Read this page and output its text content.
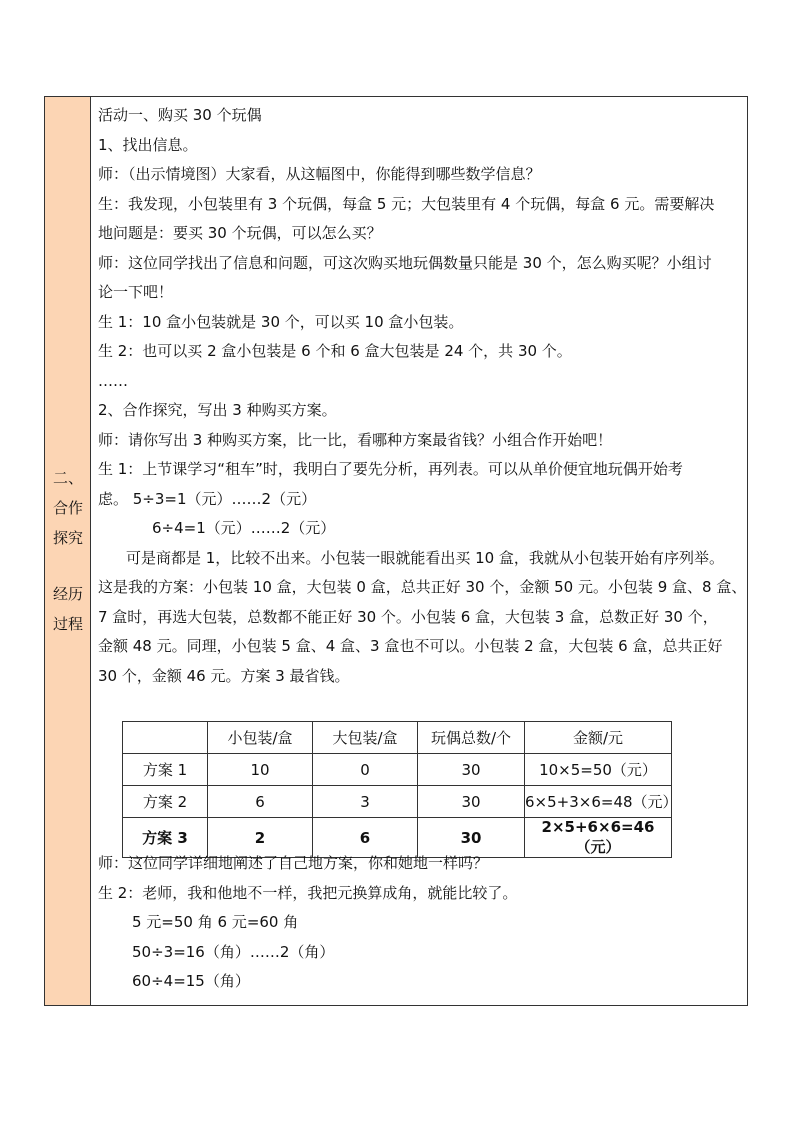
二、
合作
探究
经历
过程
活动一、购买 30 个玩偶
1、找出信息。
师：（出示情境图）大家看，从这幅图中，你能得到哪些数学信息？
生：我发现，小包装里有 3 个玩偶，每盒 5 元；大包装里有 4 个玩偶，每盒 6 元。需要解决
地问题是：要买 30 个玩偶，可以怎么买？
师：这位同学找出了信息和问题，可这次购买地玩偶数量只能是 30 个，怎么购买呢？小组讨
论一下吧！
生 1：10 盒小包装就是 30 个，可以买 10 盒小包装。
生 2：也可以买 2 盒小包装是 6 个和 6 盒大包装是 24 个，共 30 个。
……
2、合作探究，写出 3 种购买方案。
师：请你写出 3 种购买方案，比一比，看哪种方案最省钱？小组合作开始吧！
生 1：上节课学习“租车”时，我明白了要先分析，再列表。可以从单价便宜地玩偶开始考
虑。 5÷3=1（元）……2（元）
6÷4=1（元）……2（元）
可是商都是 1，比较不出来。小包装一眼就能看出买 10 盒，我就从小包装开始有序列举。
这是我的方案：小包装 10 盒，大包装 0 盒，总共正好 30 个，金额 50 元。小包装 9 盒、8 盒、
7 盒时，再选大包装，总数都不能正好 30 个。小包装 6 盒，大包装 3 盒，总数正好 30 个，
金额 48 元。同理，小包装 5 盒、4 盒、3 盒也不可以。小包装 2 盒，大包装 6 盒，总共正好
30 个，金额 46 元。方案 3 最省钱。
	小包装/盒	大包装/盒	玩偶总数/个	金额/元
方案 1	10	0	30	10×5=50（元）
方案 2	6	3	30	6×5+3×6=48（元）
方案 3	2	6	30	2×5+6×6=46（元）
师：这位同学详细地阐述了自己地方案，你和她地一样吗？
生 2：老师，我和他地不一样，我把元换算成角，就能比较了。
5 元=50 角 6 元=60 角
50÷3=16（角）……2（角）
60÷4=15（角）
